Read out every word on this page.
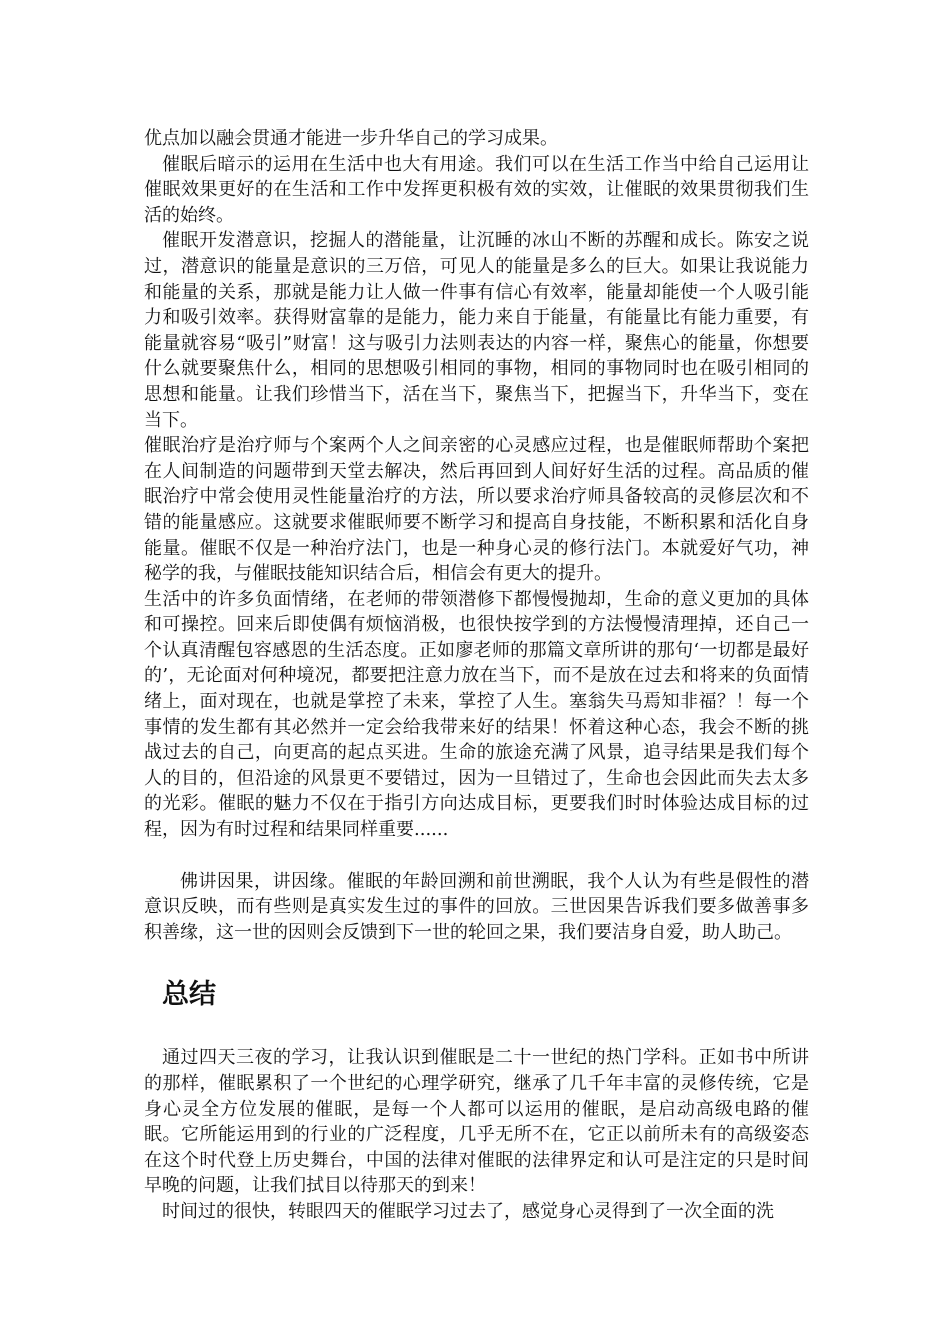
优点加以融会贯通才能进一步升华自己的学习成果。

催眠后暗示的运用在生活中也大有用途。我们可以在生活工作当中给自己运用让催眠效果更好的在生活和工作中发挥更积极有效的实效，让催眠的效果贯彻我们生活的始终。

催眠开发潜意识，挖掘人的潜能量，让沉睡的冰山不断的苏醒和成长。陈安之说过，潜意识的能量是意识的三万倍，可见人的能量是多么的巨大。如果让我说能力和能量的关系，那就是能力让人做一件事有信心有效率，能量却能使一个人吸引能力和吸引效率。获得财富靠的是能力，能力来自于能量，有能量比有能力重要，有能量就容易“吸引”财富！这与吸引力法则表达的内容一样，聚焦心的能量，你想要什么就要聚焦什么，相同的思想吸引相同的事物，相同的事物同时也在吸引相同的思想和能量。让我们珍惜当下，活在当下，聚焦当下，把握当下，升华当下，变在当下。

催眠治疗是治疗师与个案两个人之间亲密的心灵感应过程，也是催眠师帮助个案把在人间制造的问题带到天堂去解决，然后再回到人间好好生活的过程。高品质的催眠治疗中常会使用灵性能量治疗的方法，所以要求治疗师具备较高的灵修层次和不错的能量感应。这就要求催眠师要不断学习和提高自身技能，不断积累和活化自身能量。催眠不仅是一种治疗法门，也是一种身心灵的修行法门。本就爱好气功，神秘学的我，与催眠技能知识结合后，相信会有更大的提升。

生活中的许多负面情绪，在老师的带领潜修下都慢慢抛却，生命的意义更加的具体和可操控。回来后即使偶有烦恼消极，也很快按学到的方法慢慢清理掉，还自己一个认真清醒包容感恩的生活态度。正如廖老师的那篇文章所讲的那句‘一切都是最好的’，无论面对何种境况，都要把注意力放在当下，而不是放在过去和将来的负面情绪上，面对现在，也就是掌控了未来，掌控了人生。塞翁失马焉知非福？！每一个事情的发生都有其必然并一定会给我带来好的结果！怀着这种心态，我会不断的挑战过去的自己，向更高的起点买进。生命的旅途充满了风景，追寻结果是我们每个人的目的，但沿途的风景更不要错过，因为一旦错过了，生命也会因此而失去太多的光彩。催眠的魅力不仅在于指引方向达成目标，更要我们时时体验达成目标的过程，因为有时过程和结果同样重要......

佛讲因果，讲因缘。催眠的年龄回溯和前世溯眠，我个人认为有些是假性的潜意识反映，而有些则是真实发生过的事件的回放。三世因果告诉我们要多做善事多积善缘，这一世的因则会反馈到下一世的轮回之果，我们要洁身自爱，助人助己。

总结

通过四天三夜的学习，让我认识到催眠是二十一世纪的热门学科。正如书中所讲的那样，催眠累积了一个世纪的心理学研究，继承了几千年丰富的灵修传统，它是身心灵全方位发展的催眠，是每一个人都可以运用的催眠，是启动高级电路的催眠。它所能运用到的行业的广泛程度，几乎无所不在，它正以前所未有的高级姿态在这个时代登上历史舞台，中国的法律对催眠的法律界定和认可是注定的只是时间早晚的问题，让我们拭目以待那天的到来！

时间过的很快，转眼四天的催眠学习过去了，感觉身心灵得到了一次全面的洗
